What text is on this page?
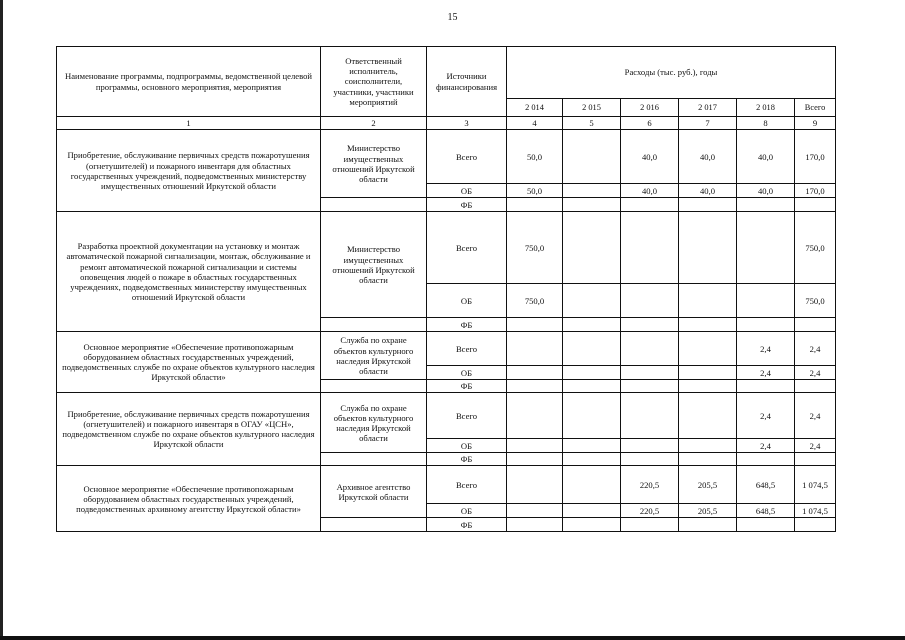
15
Наименование программы, подпрограммы, ведомственной целевой программы, основного мероприятия, мероприятия	Ответственный исполнитель, соисполнители, участники, участники мероприятий	Источники финансирования	Расходы (тыс. руб.), годы					
			2 014	2 015	2 016	2 017	2 018	Всего
1	2	3	4	5	6	7	8	9
Приобретение, обслуживание первичных средств пожаротушения (огнетушителей) и пожарного инвентаря для областных государственных учреждений, подведомственных министерству имущественных отношений Иркутской области	Министерство имущественных отношений Иркутской области	Всего	50,0		40,0	40,0	40,0	170,0
		ОБ	50,0		40,0	40,0	40,0	170,0
		ФБ						
Разработка проектной документации на установку и монтаж автоматической пожарной сигнализации, монтаж, обслуживание и ремонт автоматической пожарной сигнализации и системы оповещения людей о пожаре в областных государственных учреждениях, подведомственных министерству имущественных отношений Иркутской области	Министерство имущественных отношений Иркутской области	Всего	750,0					750,0
		ОБ	750,0					750,0
		ФБ						
Основное мероприятие «Обеспечение противопожарным оборудованием областных государственных учреждений, подведомственных службе по охране объектов культурного наследия Иркутской области»	Служба по охране объектов культурного наследия Иркутской области	Всего					2,4	2,4
		ОБ					2,4	2,4
		ФБ						
Приобретение, обслуживание первичных средств пожаротушения (огнетушителей) и пожарного инвентаря в ОГАУ «ЦСН», подведомственном службе по охране объектов культурного наследия Иркутской области	Служба по охране объектов культурного наследия Иркутской области	Всего					2,4	2,4
		ОБ					2,4	2,4
		ФБ						
Основное мероприятие «Обеспечение противопожарным оборудованием областных государственных учреждений, подведомственных архивному агентству Иркутской области»	Архивное агентство Иркутской области	Всего			220,5	205,5	648,5	1 074,5
		ОБ			220,5	205,5	648,5	1 074,5
		ФБ						
